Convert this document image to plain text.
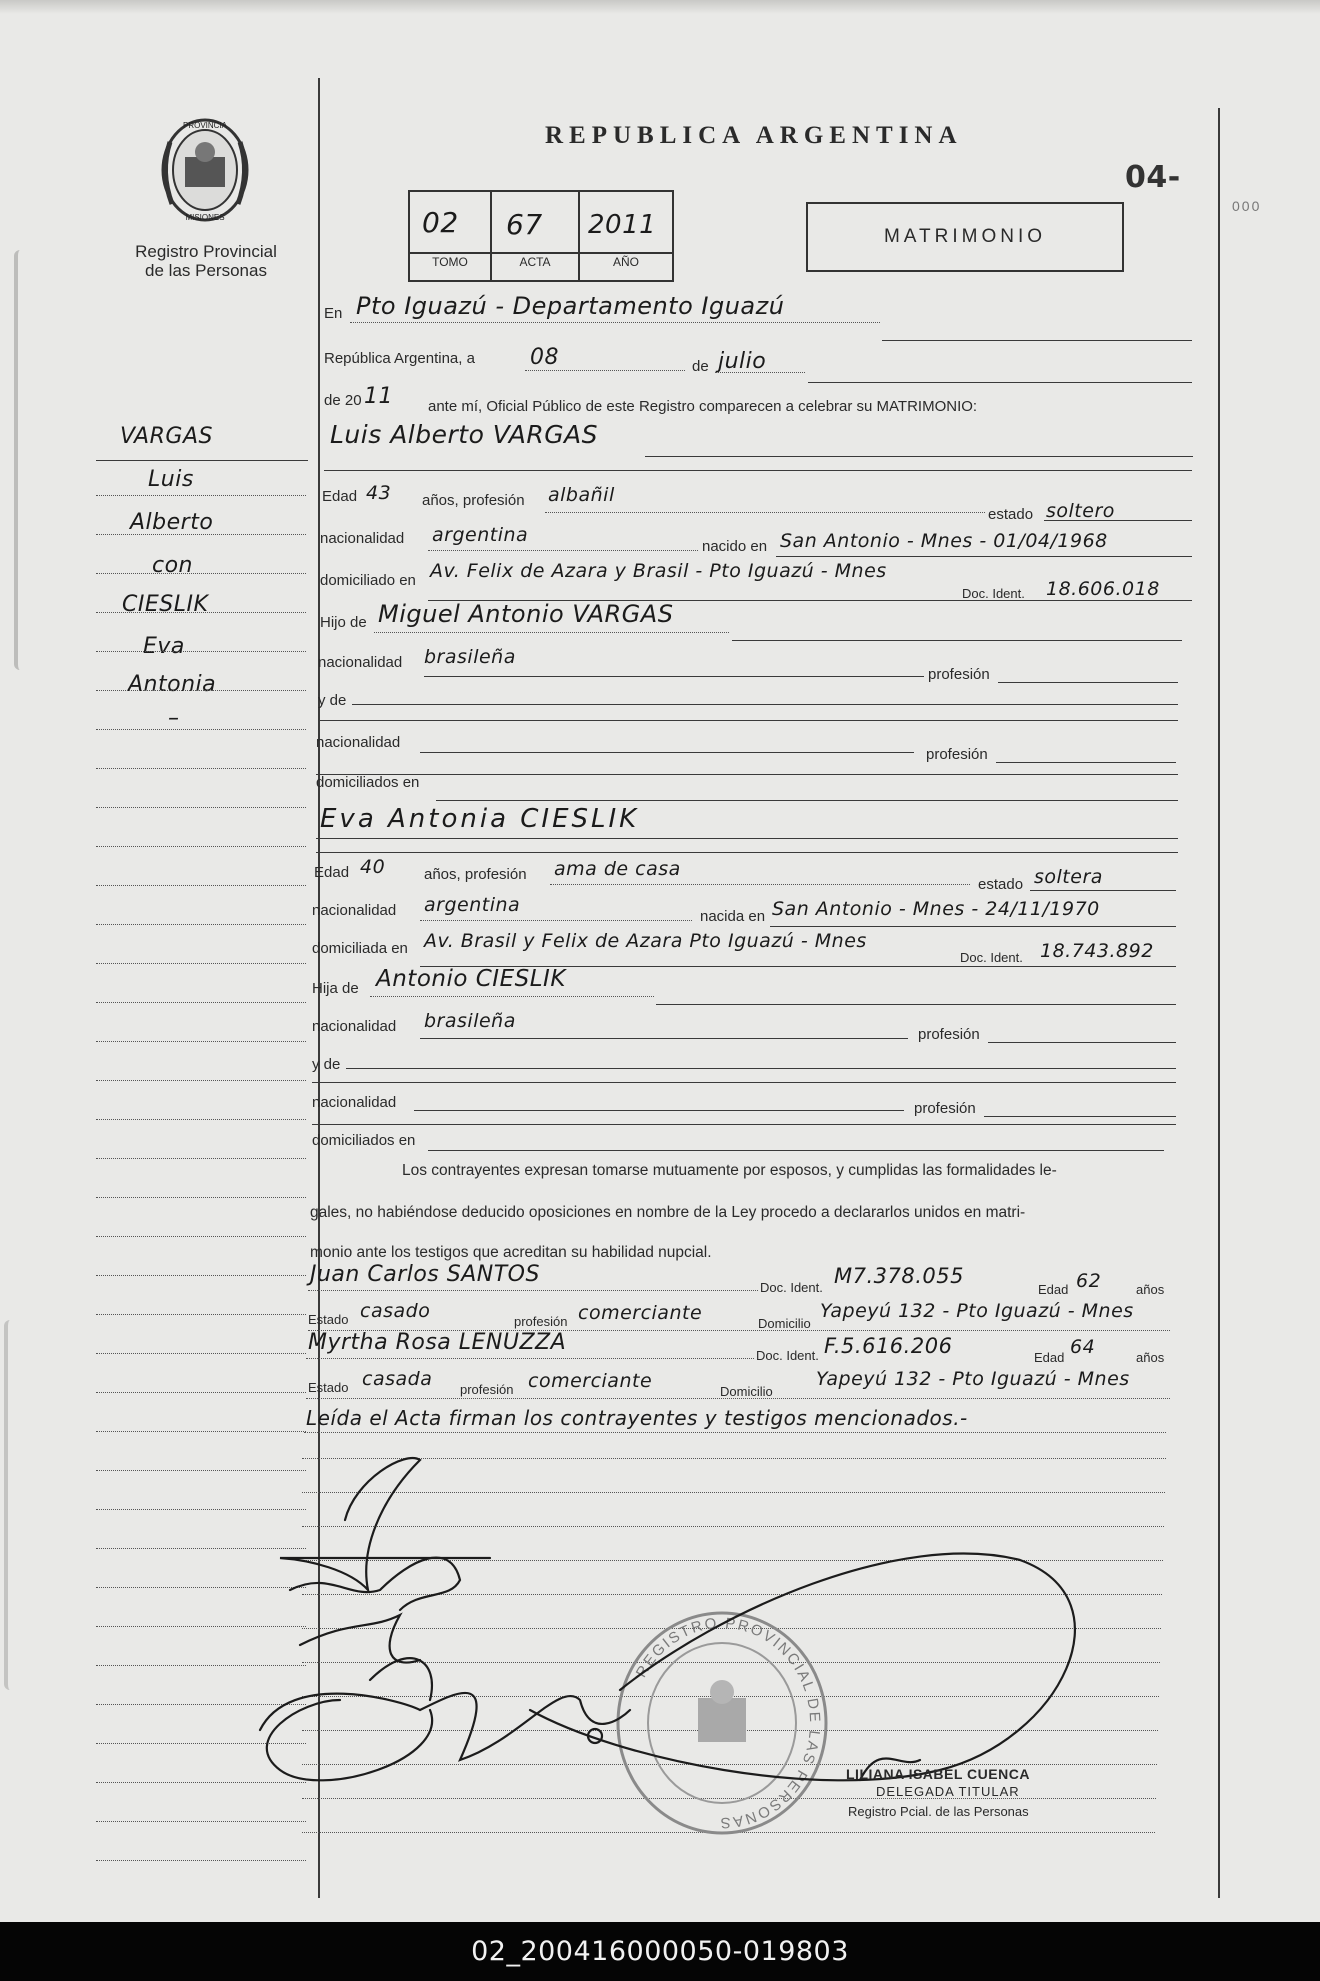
PROVINCIA
MISIONES
Registro Provincial
de las Personas
REPUBLICA ARGENTINA
04-
000
02 67 2011
TOMO	ACTA	AÑO
MATRIMONIO
VARGAS
Luis
Alberto
con
CIESLIK
Eva
Antonia
–
En Pto Iguazú - Departamento Iguazú
República Argentina, a	08	de julio
de 20 11 ante mí, Oficial Público de este Registro comparecen a celebrar su MATRIMONIO:
Luis Alberto VARGAS
Edad 43 años, profesión albañil
estado soltero
nacionalidad argentina
nacido en San Antonio - Mnes - 01/04/1968
domiciliado en Av. Felix de Azara y Brasil - Pto Iguazú - Mnes
Doc. Ident. 18.606.018
Hijo de Miguel Antonio VARGAS
nacionalidad brasileña
profesión
y de
nacionalidad
profesión
domiciliados en
Eva Antonia CIESLIK
Edad 40	años, profesión ama de casa
estado soltera
nacionalidad argentina
nacida en San Antonio - Mnes - 24/11/1970
domiciliada en Av. Brasil y Felix de Azara Pto Iguazú - Mnes
Doc. Ident. 18.743.892
Hija de Antonio CIESLIK
nacionalidad brasileña
profesión
y de
nacionalidad	profesión
domiciliados en
Los contrayentes expresan tomarse mutuamente por esposos, y cumplidas las formalidades le-
gales, no habiéndose deducido oposiciones en nombre de la Ley procedo a declararlos unidos en matri-
monio ante los testigos que acreditan su habilidad nupcial.
Juan Carlos SANTOS
Doc. Ident. M7.378.055
Edad 62	años
Estado casado	profesión comerciante	Domicilio
Yapeyú 132 - Pto Iguazú - Mnes
Myrtha Rosa LENUZZA
Doc. Ident. F.5.616.206	Edad 64	años
Estado casada profesión comerciante	Domicilio
Yapeyú 132 - Pto Iguazú - Mnes
Leída el Acta firman los contrayentes y testigos mencionados.-
REGISTRO PROVINCIAL DE LAS PERSONAS
LILIANA ISABEL CUENCA
DELEGADA TITULAR
Registro Pcial. de las Personas
02_200416000050-019803
